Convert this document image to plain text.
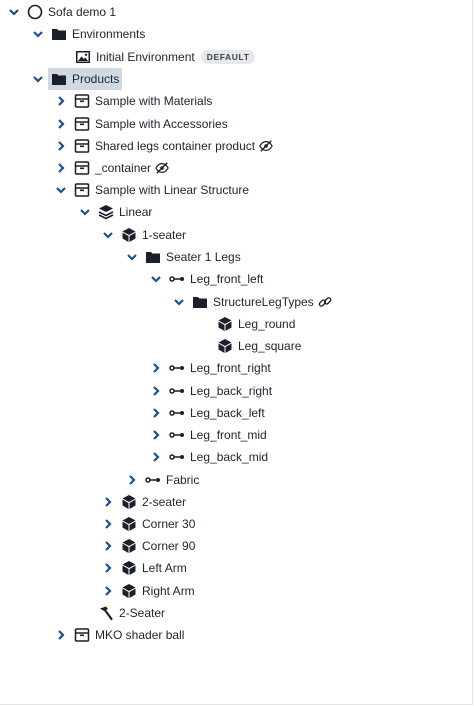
Sofa demo 1
Environments
Initial Environment	DEFAULT
Products
Sample with Materials
Sample with Accessories
Shared legs container product
_container
Sample with Linear Structure
Linear
1-seater
Seater 1 Legs
Leg_front_left
StructureLegTypes
Leg_round
Leg_square
Leg_front_right
Leg_back_right
Leg_back_left
Leg_front_mid
Leg_back_mid
Fabric
2-seater
Corner 30
Corner 90
Left Arm
Right Arm
2-Seater
MKO shader ball
